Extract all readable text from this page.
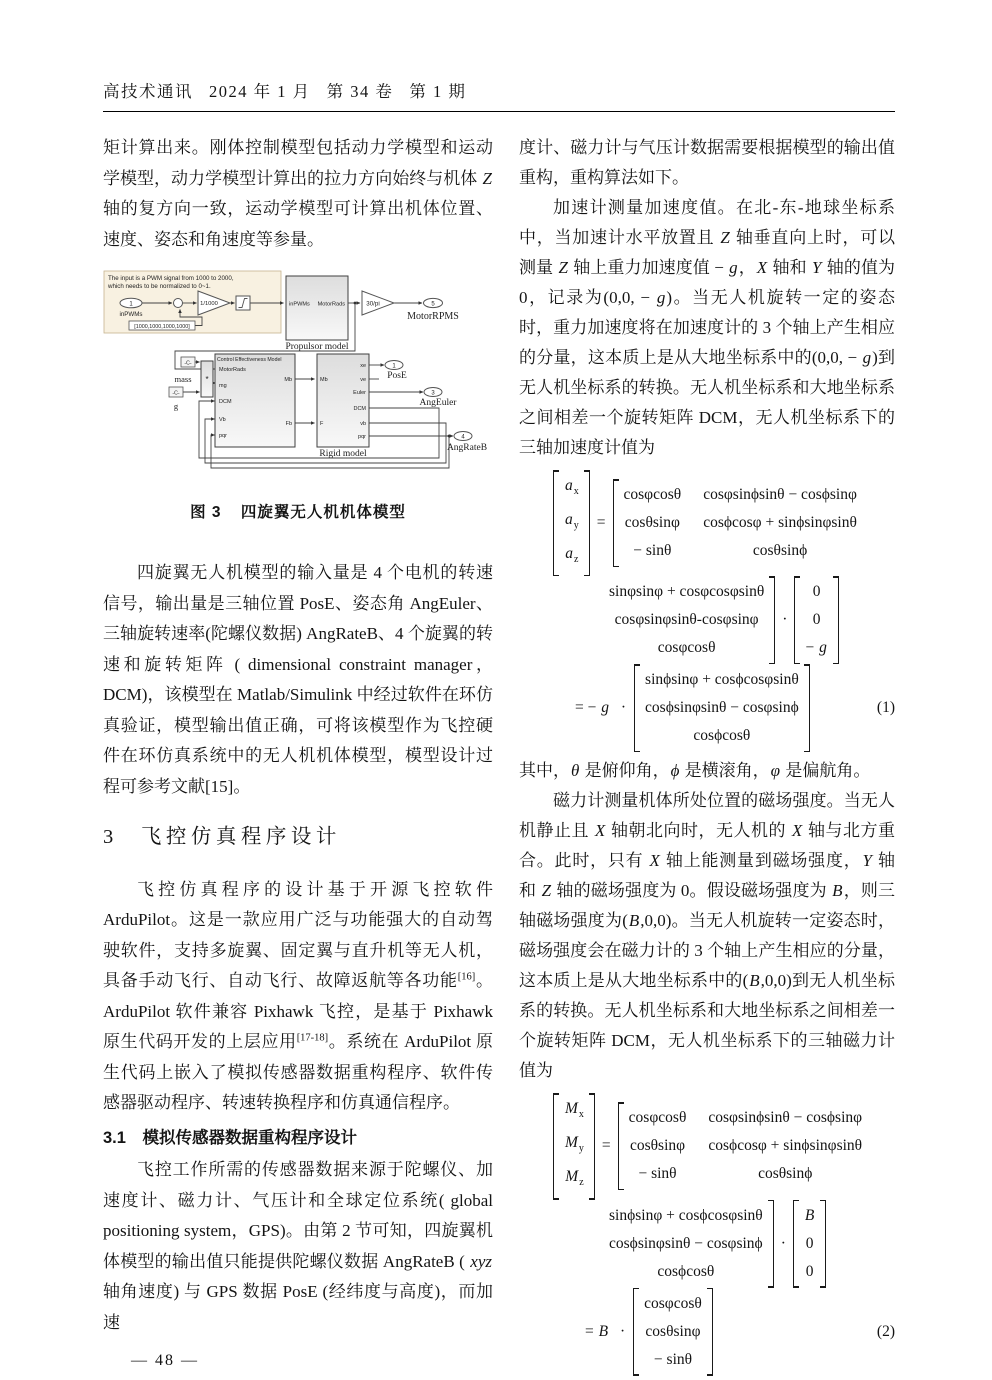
高技术通讯 2024 年 1 月 第 34 卷 第 1 期

矩计算出来。刚体控制模型包括动力学模型和运动学模型，动力学模型计算出的拉力方向始终与机体 Z 轴的复方向一致，运动学模型可计算出机体位置、速度、姿态和角速度等参量。

The input is a PWM signal from 1000 to 2000,
which needs to be normalized to 0~1.
1
inPWMs
[1000,1000,1000,1000]
1/1000	inPWMs MotorRads
Propulsor model
30/pi	5
MotorRPMS
-C-
mass
-C-
g
*
Control Effectiveness Model
MotorRads
mg
DCM
Vb
pqr
Mb
Fb
Mb
F
xe
ve
Euler
DCM
vb
pqr
Rigid model
1
PosE
3
AngEuler
4
AngRateB
图 3 四旋翼无人机机体模型

四旋翼无人机模型的输入量是 4 个电机的转速信号，输出量是三轴位置 PosE、姿态角 AngEuler、三轴旋转速率(陀螺仪数据) AngRateB、4 个旋翼的转速和旋转矩阵 ( dimensional constraint manager，DCM)，该模型在 Matlab/Simulink 中经过软件在环仿真验证，模型输出值正确，可将该模型作为飞控硬件在环仿真系统中的无人机机体模型，模型设计过程可参考文献[15]。

3 飞控仿真程序设计

飞控仿真程序的设计基于开源飞控软件 ArduPilot。这是一款应用广泛与功能强大的自动驾驶软件，支持多旋翼、固定翼与直升机等无人机，具备手动飞行、自动飞行、故障返航等各功能[16]。ArduPilot 软件兼容 Pixhawk 飞控，是基于 Pixhawk 原生代码开发的上层应用[17-18]。系统在 ArduPilot 原生代码上嵌入了模拟传感器数据重构程序、软件传感器驱动程序、转速转换程序和仿真通信程序。

3.1 模拟传感器数据重构程序设计

飞控工作所需的传感器数据来源于陀螺仪、加速度计、磁力计、气压计和全球定位系统( global positioning system，GPS)。由第 2 节可知，四旋翼机体模型的输出值只能提供陀螺仪数据 AngRateB ( xyz 轴角速度) 与 GPS 数据 PosE (经纬度与高度)，而加速

— 48 —

度计、磁力计与气压计数据需要根据模型的输出值重构，重构算法如下。

加速计测量加速度值。在北-东-地球坐标系中，当加速计水平放置且 Z 轴垂直向上时，可以测量 Z 轴上重力加速度值 − g，X 轴和 Y 轴的值为 0，记录为(0,0, − g)。当无人机旋转一定的姿态时，重力加速度将在加速度计的 3 个轴上产生相应的分量，这本质上是从大地坐标系中的(0,0, − g)到无人机坐标系的转换。无人机坐标系和大地坐标系之间相差一个旋转矩阵 DCM，无人机坐标系下的三轴加速度计值为

$a_x$
$a_y$
$a_z$
=
cosφcosθ
cosθsinφ
− sinθ
cosφsinϕsinθ − cosϕsinφ
cosϕcosφ + sinϕsinφsinθ
cosθsinϕ
sinφsinφ + cosφcosφsinθ
cosφsinφsinθ-cosφsinφ
cosφcosθ
·
0
0
− g
= − g ·
sinϕsinφ + cosϕcosφsinθ
cosϕsinφsinθ − cosφsinϕ
cosϕcosθ
(1)

其中，θ 是俯仰角，ϕ 是横滚角，φ 是偏航角。

磁力计测量机体所处位置的磁场强度。当无人机静止且 X 轴朝北向时，无人机的 X 轴与北方重合。此时，只有 X 轴上能测量到磁场强度，Y 轴和 Z 轴的磁场强度为 0。假设磁场强度为 B，则三轴磁场强度为(B,0,0)。当无人机旋转一定姿态时，磁场强度会在磁力计的 3 个轴上产生相应的分量，这本质上是从大地坐标系中的(B,0,0)到无人机坐标系的转换。无人机坐标系和大地坐标系之间相差一个旋转矩阵 DCM，无人机坐标系下的三轴磁力计值为

$M_x$
$M_y$
$M_z$
=
cosφcosθ
cosθsinφ
− sinθ
cosφsinϕsinθ − cosϕsinφ
cosϕcosφ + sinϕsinφsinθ
cosθsinϕ
sinϕsinφ + cosϕcosφsinθ
cosϕsinφsinθ − cosφsinϕ
cosϕcosθ
·
B
0
0
= B ·
cosφcosθ
cosθsinφ
− sinθ
(2)
